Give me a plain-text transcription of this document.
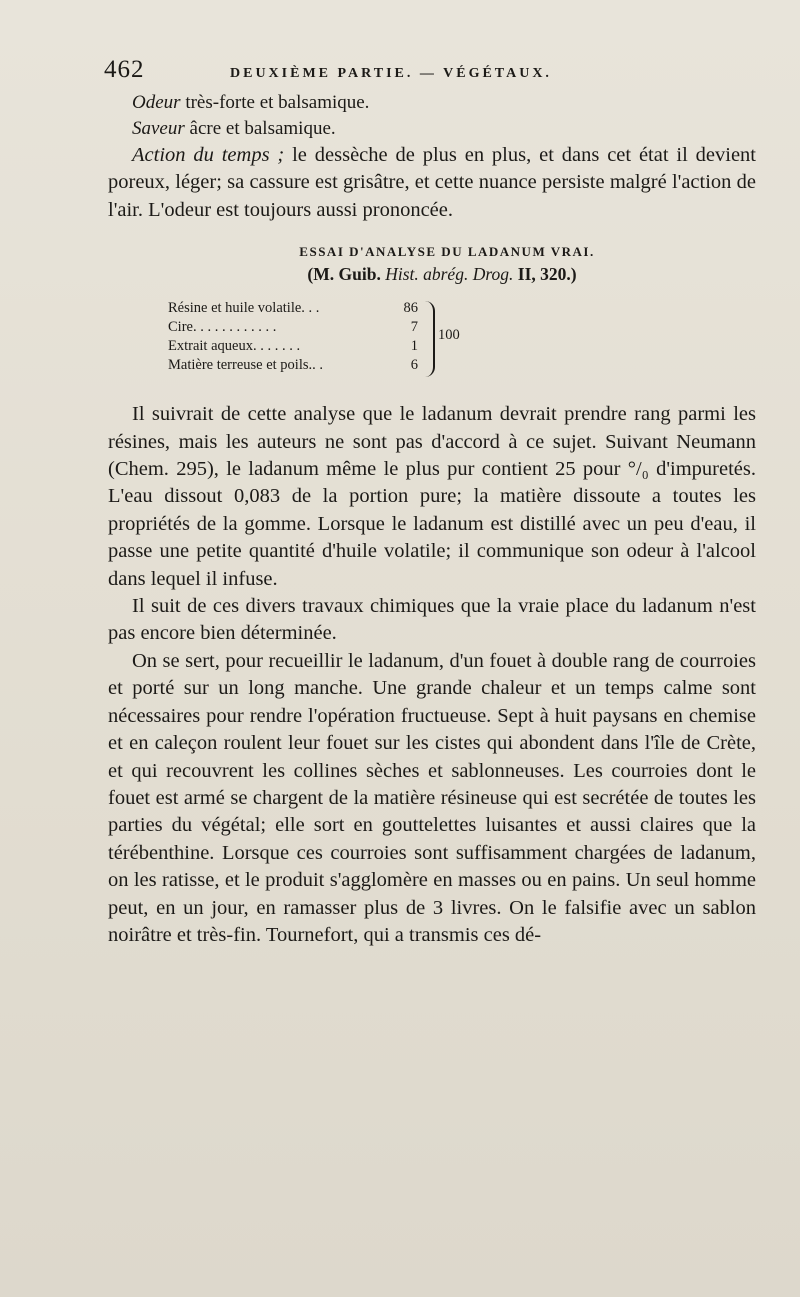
462	DEUXIÈME PARTIE. — VÉGÉTAUX.

Odeur très-forte et balsamique.

Saveur âcre et balsamique.

Action du temps ; le dessèche de plus en plus, et dans cet état il devient poreux, léger; sa cassure est grisâtre, et cette nuance persiste malgré l'action de l'air. L'odeur est toujours aussi prononcée.

ESSAI D'ANALYSE DU LADANUM VRAI.
(M. Guib. Hist. abrég. Drog. II, 320.)
Résine et huile volatile. . .	86
Cire. . . . . . . . . . . .	7
Extrait aqueux. . . . . . .	1
Matière terreuse et poils.. .	6
100

Il suivrait de cette analyse que le ladanum devrait prendre rang parmi les résines, mais les auteurs ne sont pas d'accord à ce sujet. Suivant Neumann (Chem. 295), le ladanum même le plus pur contient 25 pour °/₀ d'impuretés. L'eau dissout 0,083 de la portion pure; la matière dissoute a toutes les propriétés de la gomme. Lorsque le ladanum est distillé avec un peu d'eau, il passe une petite quantité d'huile volatile; il communique son odeur à l'alcool dans lequel il infuse.

Il suit de ces divers travaux chimiques que la vraie place du ladanum n'est pas encore bien déterminée.

On se sert, pour recueillir le ladanum, d'un fouet à double rang de courroies et porté sur un long manche. Une grande chaleur et un temps calme sont nécessaires pour rendre l'opération fructueuse. Sept à huit paysans en chemise et en caleçon roulent leur fouet sur les cistes qui abondent dans l'île de Crète, et qui recouvrent les collines sèches et sablonneuses. Les courroies dont le fouet est armé se chargent de la matière résineuse qui est secrétée de toutes les parties du végétal; elle sort en gouttelettes luisantes et aussi claires que la térébenthine. Lorsque ces courroies sont suffisamment chargées de ladanum, on les ratisse, et le produit s'agglomère en masses ou en pains. Un seul homme peut, en un jour, en ramasser plus de 3 livres. On le falsifie avec un sablon noirâtre et très-fin. Tournefort, qui a transmis ces dé-
